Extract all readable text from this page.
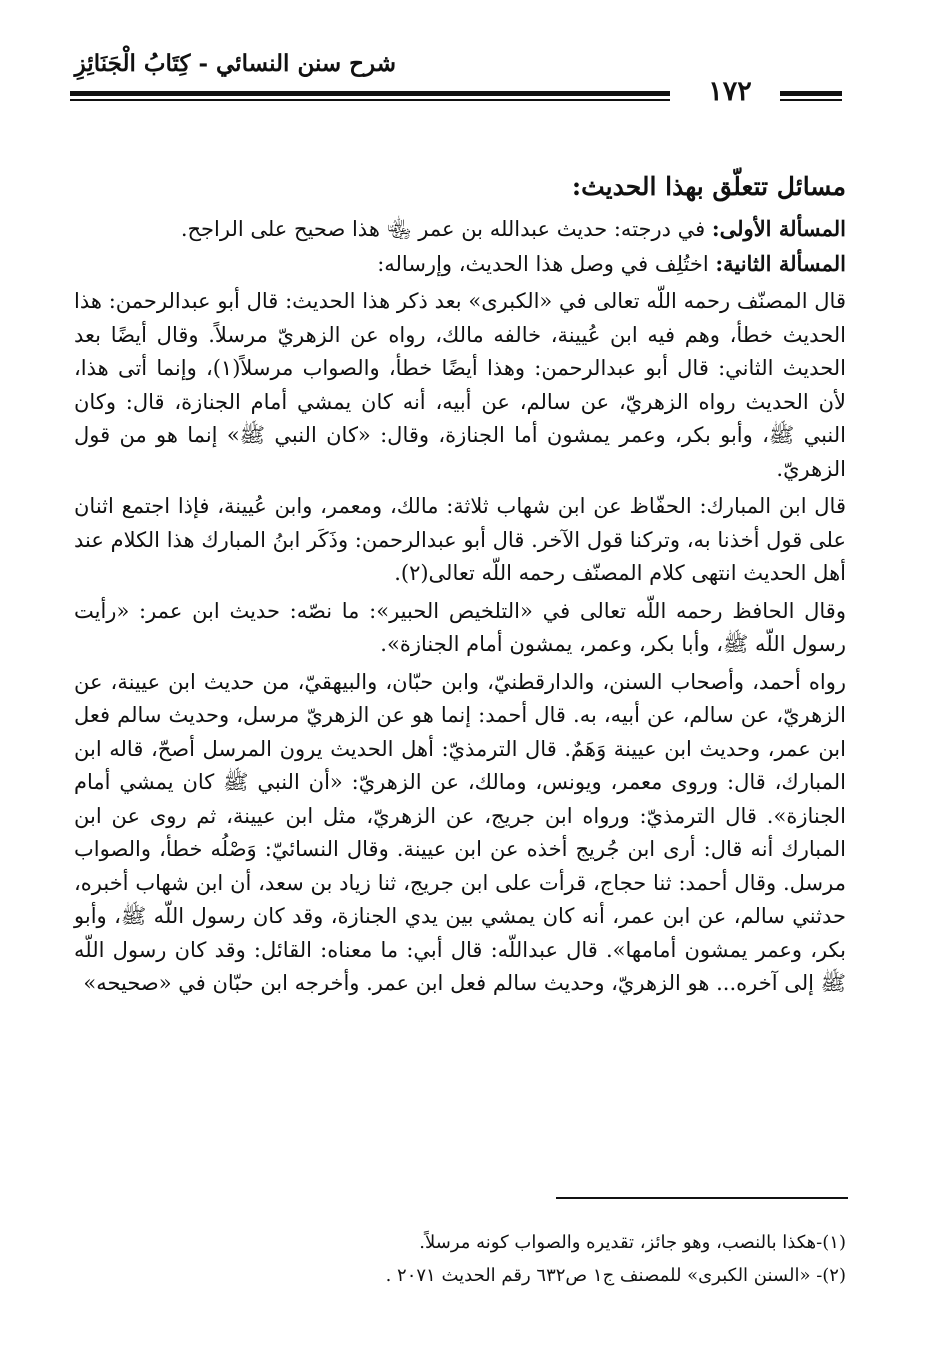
شرح سنن النسائي - كِتَابُ الْجَنَائِزِ
١٧٢
مسائل تتعلّق بهذا الحديث:

المسألة الأولى: في درجته: حديث عبدالله بن عمر ﵄ هذا صحيح على الراجح.

المسألة الثانية: اختُلِف في وصل هذا الحديث، وإرساله:

قال المصنّف رحمه اللّه تعالى في «الكبرى» بعد ذكر هذا الحديث: قال أبو عبدالرحمن: هذا الحديث خطأ، وهم فيه ابن عُيينة، خالفه مالك، رواه عن الزهريّ مرسلاً. وقال أيضًا بعد الحديث الثاني: قال أبو عبدالرحمن: وهذا أيضًا خطأ، والصواب مرسلاً(١)، وإنما أتى هذا، لأن الحديث رواه الزهريّ، عن سالم، عن أبيه، أنه كان يمشي أمام الجنازة، قال: وكان النبي ﷺ، وأبو بكر، وعمر يمشون أما الجنازة، وقال: «كان النبي ﷺ» إنما هو من قول الزهريّ.

قال ابن المبارك: الحفّاظ عن ابن شهاب ثلاثة: مالك، ومعمر، وابن عُيينة، فإذا اجتمع اثنان على قول أخذنا به، وتركنا قول الآخر. قال أبو عبدالرحمن: وذَكَر ابنُ المبارك هذا الكلام عند أهل الحديث انتهى كلام المصنّف رحمه اللّه تعالى(٢).

وقال الحافظ رحمه اللّه تعالى في «التلخيص الحبير»: ما نصّه: حديث ابن عمر: «رأيت رسول اللّه ﷺ، وأبا بكر، وعمر، يمشون أمام الجنازة».

رواه أحمد، وأصحاب السنن، والدارقطنيّ، وابن حبّان، والبيهقيّ، من حديث ابن عيينة، عن الزهريّ، عن سالم، عن أبيه، به. قال أحمد: إنما هو عن الزهريّ مرسل، وحديث سالم فعل ابن عمر، وحديث ابن عيينة وَهَمٌ. قال الترمذيّ: أهل الحديث يرون المرسل أصحّ، قاله ابن المبارك، قال: وروى معمر، ويونس، ومالك، عن الزهريّ: «أن النبي ﷺ كان يمشي أمام الجنازة». قال الترمذيّ: ورواه ابن جريج، عن الزهريّ، مثل ابن عيينة، ثم روى عن ابن المبارك أنه قال: أرى ابن جُريج أخذه عن ابن عيينة. وقال النسائيّ: وَصْلُه خطأ، والصواب مرسل. وقال أحمد: ثنا حجاج، قرأت على ابن جريج، ثنا زياد بن سعد، أن ابن شهاب أخبره، حدثني سالم، عن ابن عمر، أنه كان يمشي بين يدي الجنازة، وقد كان رسول اللّه ﷺ، وأبو بكر، وعمر يمشون أمامها». قال عبداللّه: قال أبي: ما معناه: القائل: وقد كان رسول اللّه ﷺ إلى آخره... هو الزهريّ، وحديث سالم فعل ابن عمر. وأخرجه ابن حبّان في «صحيحه»

(١)-هكذا بالنصب، وهو جائز، تقديره والصواب كونه مرسلاً.

(٢)- «السنن الكبرى» للمصنف ج١ ص٦٣٢ رقم الحديث ٢٠٧١ .
